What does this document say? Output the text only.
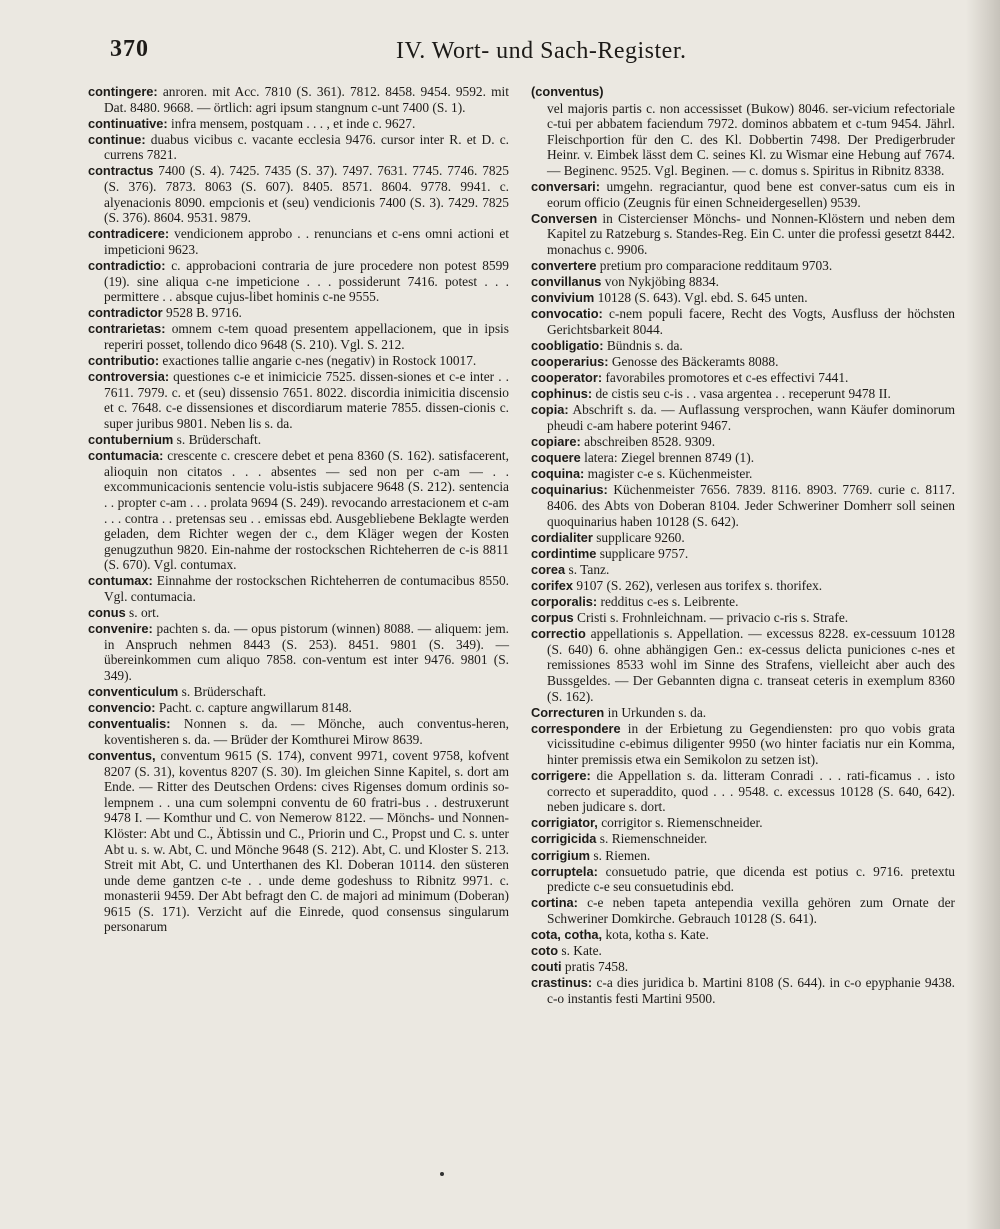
370	IV. Wort- und Sach-Register.

contingere: anroren. mit Acc. 7810 (S. 361). 7812. 8458. 9454. 9592. mit Dat. 8480. 9668. — örtlich: agri ipsum stangnum c-unt 7400 (S. 1).

continuative: infra mensem, postquam . . . , et inde c. 9627.

continue: duabus vicibus c. vacante ecclesia 9476. cursor inter R. et D. c. currens 7821.

contractus 7400 (S. 4). 7425. 7435 (S. 37). 7497. 7631. 7745. 7746. 7825 (S. 376). 7873. 8063 (S. 607). 8405. 8571. 8604. 9778. 9941. c. alyenacionis 8090. empcionis et (seu) vendicionis 7400 (S. 3). 7429. 7825 (S. 376). 8604. 9531. 9879.

contradicere: vendicionem approbo . . renuncians et c-ens omni actioni et impeticioni 9623.

contradictio: c. approbacioni contraria de jure procedere non potest 8599 (19). sine aliqua c-ne impeticione . . . possiderunt 7416. potest . . . permittere . . absque cujus-libet hominis c-ne 9555.

contradictor 9528 B. 9716.

contrarietas: omnem c-tem quoad presentem appellacionem, que in ipsis reperiri posset, tollendo dico 9648 (S. 210). Vgl. S. 212.

contributio: exactiones tallie angarie c-nes (negativ) in Rostock 10017.

controversia: questiones c-e et inimicicie 7525. dissen-siones et c-e inter . . 7611. 7979. c. et (seu) dissensio 7651. 8022. discordia inimicitia discensio et c. 7648. c-e dissensiones et discordiarum materie 7855. dissen-cionis c. super juribus 9801. Neben lis s. da.

contubernium s. Brüderschaft.

contumacia: crescente c. crescere debet et pena 8360 (S. 162). satisfacerent, alioquin non citatos . . . absentes — sed non per c-am — . . excommunicacionis sentencie volu-istis subjacere 9648 (S. 212). sentencia . . propter c-am . . . prolata 9694 (S. 249). revocando arrestacionem et c-am . . . contra . . pretensas seu . . emissas ebd. Ausgebliebene Beklagte werden geladen, dem Richter wegen der c., dem Kläger wegen der Kosten genugzuthun 9820. Ein-nahme der rostockschen Richteherren de c-is 8811 (S. 670). Vgl. contumax.

contumax: Einnahme der rostockschen Richteherren de contumacibus 8550. Vgl. contumacia.

conus s. ort.

convenire: pachten s. da. — opus pistorum (winnen) 8088. — aliquem: jem. in Anspruch nehmen 8443 (S. 253). 8451. 9801 (S. 349). — übereinkommen cum aliquo 7858. con-ventum est inter 9476. 9801 (S. 349).

conventiculum s. Brüderschaft.

convencio: Pacht. c. capture angwillarum 8148.

conventualis: Nonnen s. da. — Mönche, auch conventus-heren, koventisheren s. da. — Brüder der Komthurei Mirow 8639.

conventus, conventum 9615 (S. 174), convent 9971, covent 9758, kofvent 8207 (S. 31), koventus 8207 (S. 30). Im gleichen Sinne Kapitel, s. dort am Ende. — Ritter des Deutschen Ordens: cives Rigenses domum ordinis so-lempnem . . una cum solempni conventu de 60 fratri-bus . . destruxerunt 9478 I. — Komthur und C. von Nemerow 8122. — Mönchs- und Nonnen-Klöster: Abt und C., Äbtissin und C., Priorin und C., Propst und C. s. unter Abt u. s. w. Abt, C. und Mönche 9648 (S. 212). Abt, C. und Kloster S. 213. Streit mit Abt, C. und Unterthanen des Kl. Doberan 10114. den süsteren unde deme gantzen c-te . . unde deme godeshuss to Ribnitz 9971. c. monasterii 9459. Der Abt befragt den C. de majori ad minimum (Doberan) 9615 (S. 171). Verzicht auf die Einrede, quod consensus singularum personarum

(conventus)
vel majoris partis c. non accessisset (Bukow) 8046. ser-vicium refectoriale c-tui per abbatem faciendum 7972. dominos abbatem et c-tum 9454. Jährl. Fleischportion für den C. des Kl. Dobbertin 7498. Der Predigerbruder Heinr. v. Eimbek lässt dem C. seines Kl. zu Wismar eine Hebung auf 7674. — Beginenc. 9525. Vgl. Beginen. — c. domus s. Spiritus in Ribnitz 8338.

conversari: umgehn. regraciantur, quod bene est conver-satus cum eis in eorum officio (Zeugnis für einen Schneidergesellen) 9539.

Conversen in Cistercienser Mönchs- und Nonnen-Klöstern und neben dem Kapitel zu Ratzeburg s. Standes-Reg. Ein C. unter die professi gesetzt 8442. monachus c. 9906.

convertere pretium pro comparacione redditaum 9703.

convillanus von Nykjöbing 8834.

convivium 10128 (S. 643). Vgl. ebd. S. 645 unten.

convocatio: c-nem populi facere, Recht des Vogts, Ausfluss der höchsten Gerichtsbarkeit 8044.

coobligatio: Bündnis s. da.

cooperarius: Genosse des Bäckeramts 8088.

cooperator: favorabiles promotores et c-es effectivi 7441.

cophinus: de cistis seu c-is . . vasa argentea . . receperunt 9478 II.

copia: Abschrift s. da. — Auflassung versprochen, wann Käufer dominorum pheudi c-am habere poterint 9467.

copiare: abschreiben 8528. 9309.

coquere latera: Ziegel brennen 8749 (1).

coquina: magister c-e s. Küchenmeister.

coquinarius: Küchenmeister 7656. 7839. 8116. 8903. 7769. curie c. 8117. 8406. des Abts von Doberan 8104. Jeder Schweriner Domherr soll seinen quoquinarius haben 10128 (S. 642).

cordialiter supplicare 9260.

cordintime supplicare 9757.

corea s. Tanz.

corifex 9107 (S. 262), verlesen aus torifex s. thorifex.

corporalis: redditus c-es s. Leibrente.

corpus Cristi s. Frohnleichnam. — privacio c-ris s. Strafe.

correctio appellationis s. Appellation. — excessus 8228. ex-cessuum 10128 (S. 640) 6. ohne abhängigen Gen.: ex-cessus delicta puniciones c-nes et remissiones 8533 wohl im Sinne des Strafens, vielleicht aber auch des Bussgeldes. — Der Gebannten digna c. transeat ceteris in exemplum 8360 (S. 162).

Correcturen in Urkunden s. da.

correspondere in der Erbietung zu Gegendiensten: pro quo vobis grata vicissitudine c-ebimus diligenter 9950 (wo hinter faciatis nur ein Komma, hinter premissis etwa ein Semikolon zu setzen ist).

corrigere: die Appellation s. da. litteram Conradi . . . rati-ficamus . . isto correcto et superaddito, quod . . . 9548. c. excessus 10128 (S. 640, 642). neben judicare s. dort.

corrigiator, corrigitor s. Riemenschneider.

corrigicida s. Riemenschneider.

corrigium s. Riemen.

corruptela: consuetudo patrie, que dicenda est potius c. 9716. pretextu predicte c-e seu consuetudinis ebd.

cortina: c-e neben tapeta antependia vexilla gehören zum Ornate der Schweriner Domkirche. Gebrauch 10128 (S. 641).

cota, cotha, kota, kotha s. Kate.

coto s. Kate.

couti pratis 7458.

crastinus: c-a dies juridica b. Martini 8108 (S. 644). in c-o epyphanie 9438. c-o instantis festi Martini 9500.
